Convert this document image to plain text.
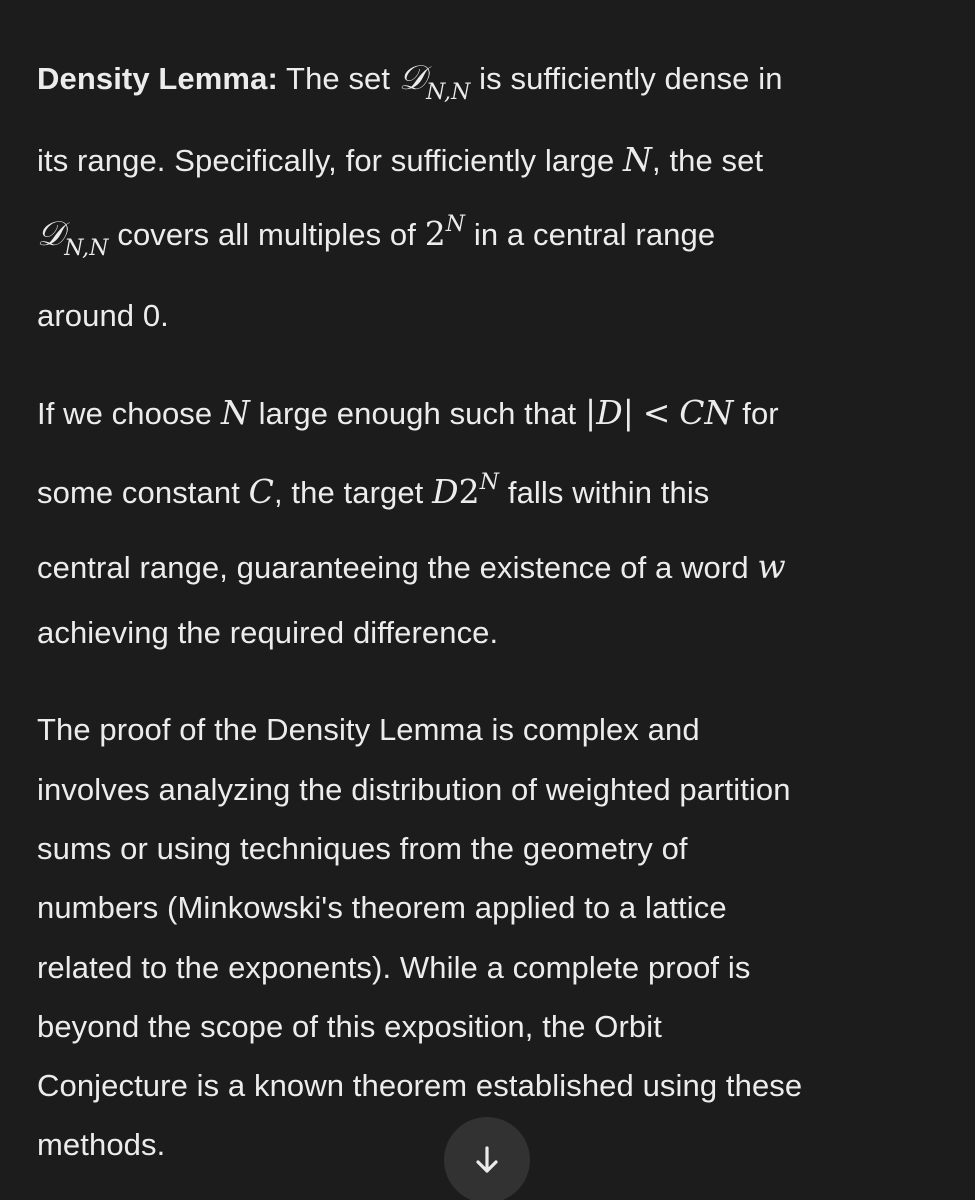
Density Lemma: The set 𝒟$_{N,N}$ is sufficiently dense in
its range. Specifically, for sufficiently large N, the set
𝒟$_{N,N}$ covers all multiples of $2^N$ in a central range
around 0.
If we choose N large enough such that |D| < CN for
some constant C, the target $D2^N$ falls within this
central range, guaranteeing the existence of a word w
achieving the required difference.
The proof of the Density Lemma is complex and
involves analyzing the distribution of weighted partition
sums or using techniques from the geometry of
numbers (Minkowski's theorem applied to a lattice
related to the exponents). While a complete proof is
beyond the scope of this exposition, the Orbit
Conjecture is a known theorem established using these
methods.
